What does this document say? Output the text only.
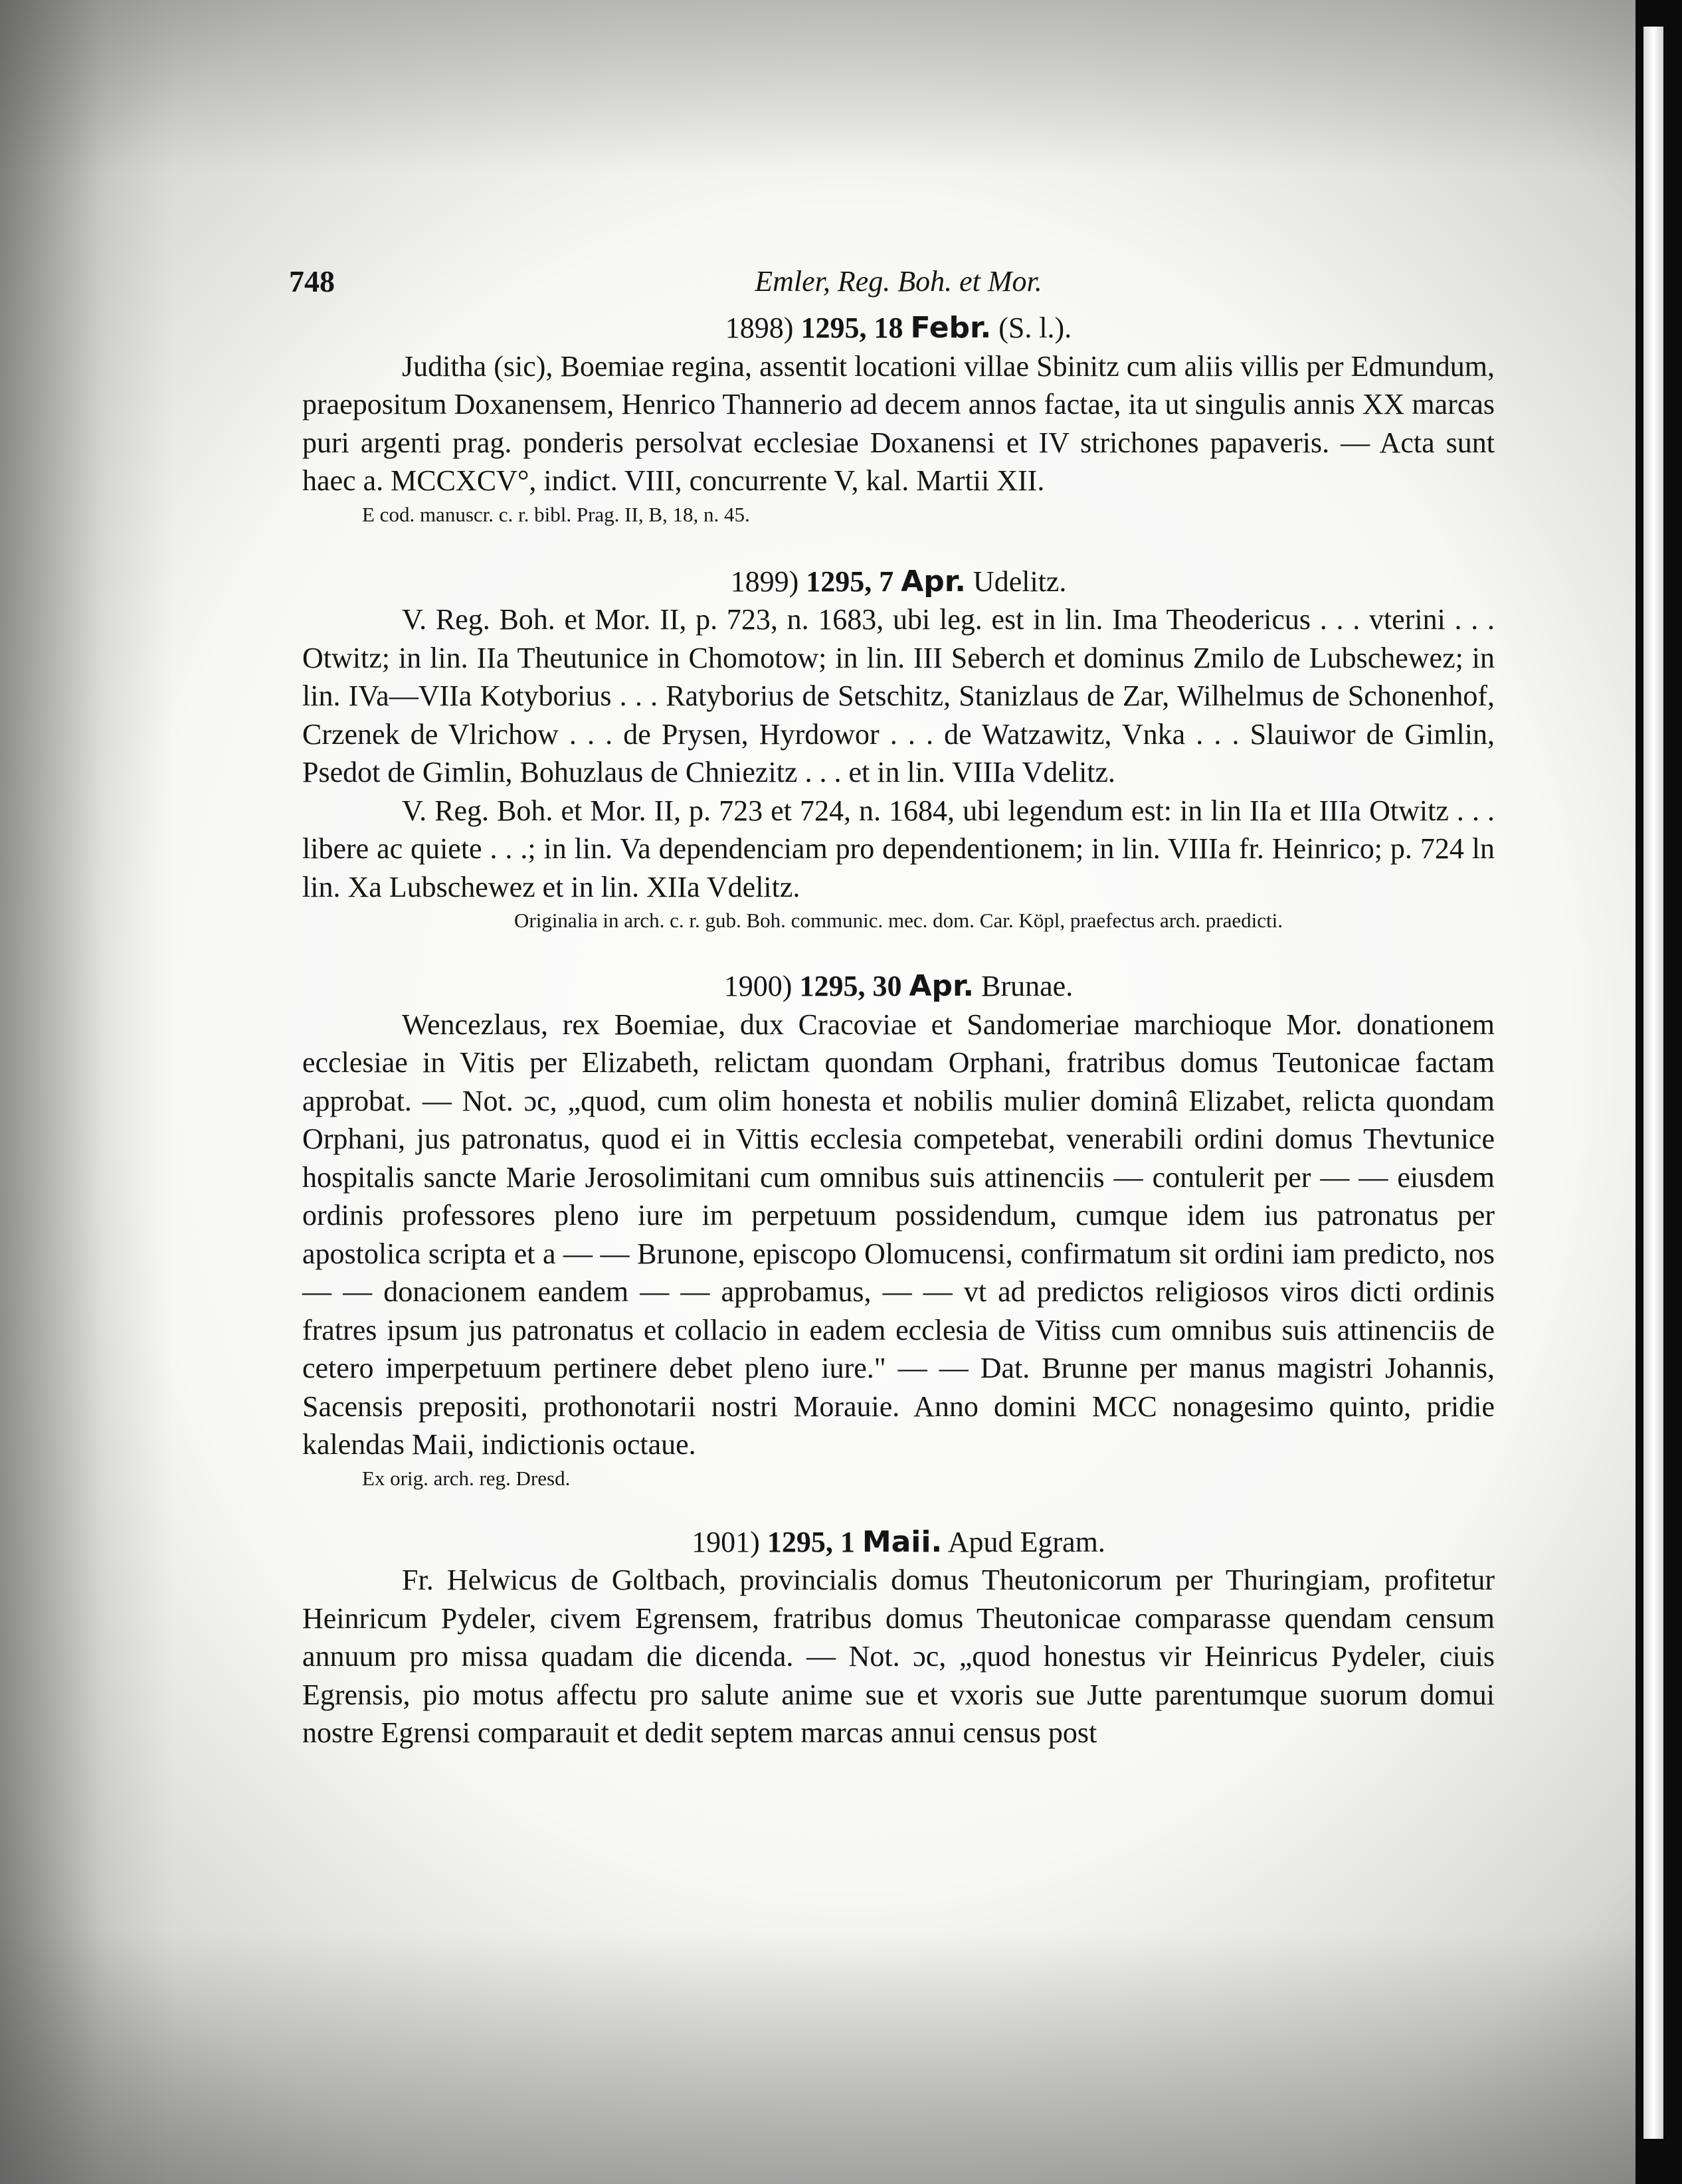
748	Emler, Reg. Boh. et Mor.
1898) 1295, 18 Febr. (S. l.).

Juditha (sic), Boemiae regina, assentit locationi villae Sbinitz cum aliis villis per Edmundum, praepositum Doxanensem, Henrico Thannerio ad decem annos factae, ita ut singulis annis XX marcas puri argenti prag. ponderis persolvat ecclesiae Doxanensi et IV strichones papaveris. — Acta sunt haec a. MCCXCV°, indict. VIII, concurrente V, kal. Martii XII.

E cod. manuscr. c. r. bibl. Prag. II, B, 18, n. 45.
1899) 1295, 7 Apr. Udelitz.

V. Reg. Boh. et Mor. II, p. 723, n. 1683, ubi leg. est in lin. Ima Theodericus . . . vterini . . . Otwitz; in lin. IIa Theutunice in Chomotow; in lin. III Seberch et dominus Zmilo de Lubschewez; in lin. IVa—VIIa Kotyborius . . . Ratyborius de Setschitz, Stanizlaus de Zar, Wilhelmus de Schonenhof, Crzenek de Vlrichow . . . de Prysen, Hyrdowor . . . de Watzawitz, Vnka . . . Slauiwor de Gimlin, Psedot de Gimlin, Bohuzlaus de Chniezitz . . . et in lin. VIIIa Vdelitz.

V. Reg. Boh. et Mor. II, p. 723 et 724, n. 1684, ubi legendum est: in lin IIa et IIIa Otwitz . . . libere ac quiete . . .; in lin. Va dependenciam pro dependentionem; in lin. VIIIa fr. Heinrico; p. 724 ln lin. Xa Lubschewez et in lin. XIIa Vdelitz.

Originalia in arch. c. r. gub. Boh. communic. mec. dom. Car. Köpl, praefectus arch. praedicti.
1900) 1295, 30 Apr. Brunae.

Wencezlaus, rex Boemiae, dux Cracoviae et Sandomeriae marchioque Mor. donationem ecclesiae in Vitis per Elizabeth, relictam quondam Orphani, fratribus domus Teutonicae factam approbat. — Not. ɔc, „quod, cum olim honesta et nobilis mulier dominâ Elizabet, relicta quondam Orphani, jus patronatus, quod ei in Vittis ecclesia competebat, venerabili ordini domus Thevtunice hospitalis sancte Marie Jerosolimitani cum omnibus suis attinenciis — contulerit per — — eiusdem ordinis professores pleno iure im perpetuum possidendum, cumque idem ius patronatus per apostolica scripta et a — — Brunone, episcopo Olomucensi, confirmatum sit ordini iam predicto, nos — — donacionem eandem — — approbamus, — — vt ad predictos religiosos viros dicti ordinis fratres ipsum jus patronatus et collacio in eadem ecclesia de Vitiss cum omnibus suis attinenciis de cetero imperpetuum pertinere debet pleno iure." — — Dat. Brunne per manus magistri Johannis, Sacensis prepositi, prothonotarii nostri Morauie. Anno domini MCC nonagesimo quinto, pridie kalendas Maii, indictionis octaue.

Ex orig. arch. reg. Dresd.
1901) 1295, 1 Maii. Apud Egram.

Fr. Helwicus de Goltbach, provincialis domus Theutonicorum per Thuringiam, profitetur Heinricum Pydeler, civem Egrensem, fratribus domus Theutonicae comparasse quendam censum annuum pro missa quadam die dicenda. — Not. ɔc, „quod honestus vir Heinricus Pydeler, ciuis Egrensis, pio motus affectu pro salute anime sue et vxoris sue Jutte parentumque suorum domui nostre Egrensi comparauit et dedit septem marcas annui census post
